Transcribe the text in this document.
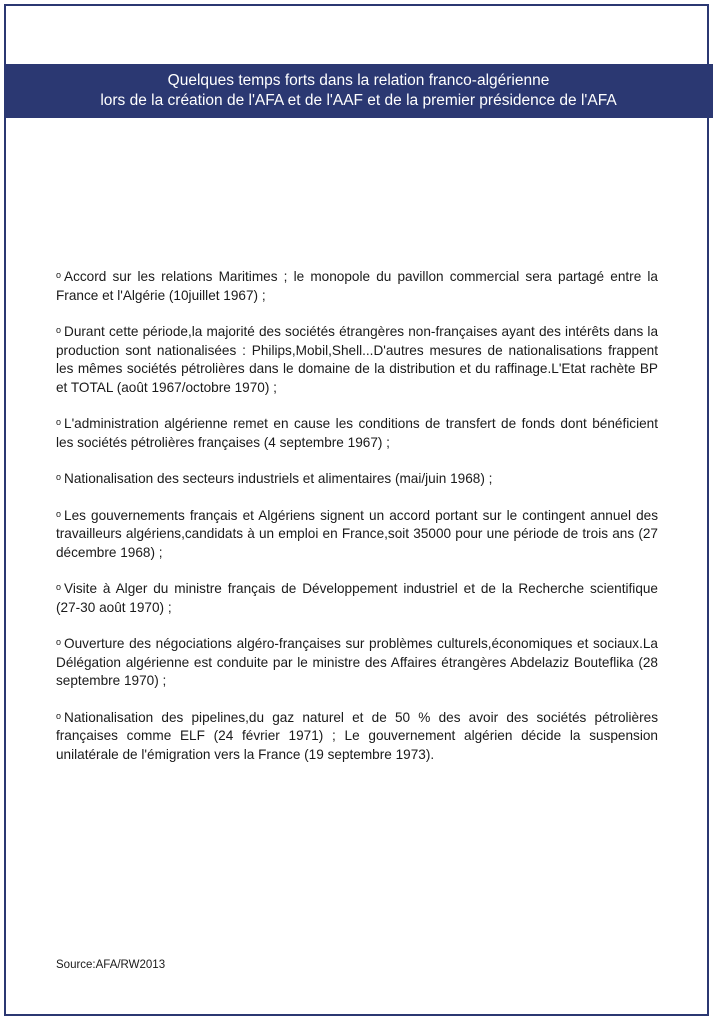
Quelques temps forts dans la relation franco-algérienne
lors de la création de l'AFA et de l'AAF et de la premier présidence de l'AFA

$^o$ Accord sur les relations Maritimes ; le monopole du pavillon commercial sera partagé entre la France et l'Algérie (10juillet 1967) ;

$^o$ Durant cette période,la majorité des sociétés étrangères non-françaises ayant des intérêts dans la production sont nationalisées : Philips,Mobil,Shell...D'autres mesures de nationalisations frappent les mêmes sociétés pétrolières dans le domaine de la distribution et du raffinage.L'Etat rachète BP et TOTAL (août 1967/octobre 1970) ;

$^o$ L'administration algérienne remet en cause les conditions de transfert de fonds dont bénéficient les sociétés pétrolières françaises (4 septembre 1967) ;

$^o$ Nationalisation des secteurs industriels et alimentaires (mai/juin 1968) ;

$^o$ Les gouvernements français et Algériens signent un accord portant sur le contingent annuel des travailleurs algériens,candidats à un emploi en France,soit 35000 pour une période de trois ans (27 décembre 1968) ;

$^o$ Visite à Alger du ministre français de Développement industriel et de la Recherche scientifique (27-30 août 1970) ;

$^o$ Ouverture des négociations algéro-françaises sur problèmes culturels,économiques et sociaux.La Délégation algérienne est conduite par le ministre des Affaires étrangères Abdelaziz Bouteflika (28 septembre 1970) ;

$^o$ Nationalisation des pipelines,du gaz naturel et de 50 % des avoir des sociétés pétrolières françaises comme ELF (24 février 1971) ; Le gouvernement algérien décide la suspension unilatérale de l'émigration vers la France (19 septembre 1973).

Source:AFA/RW2013
